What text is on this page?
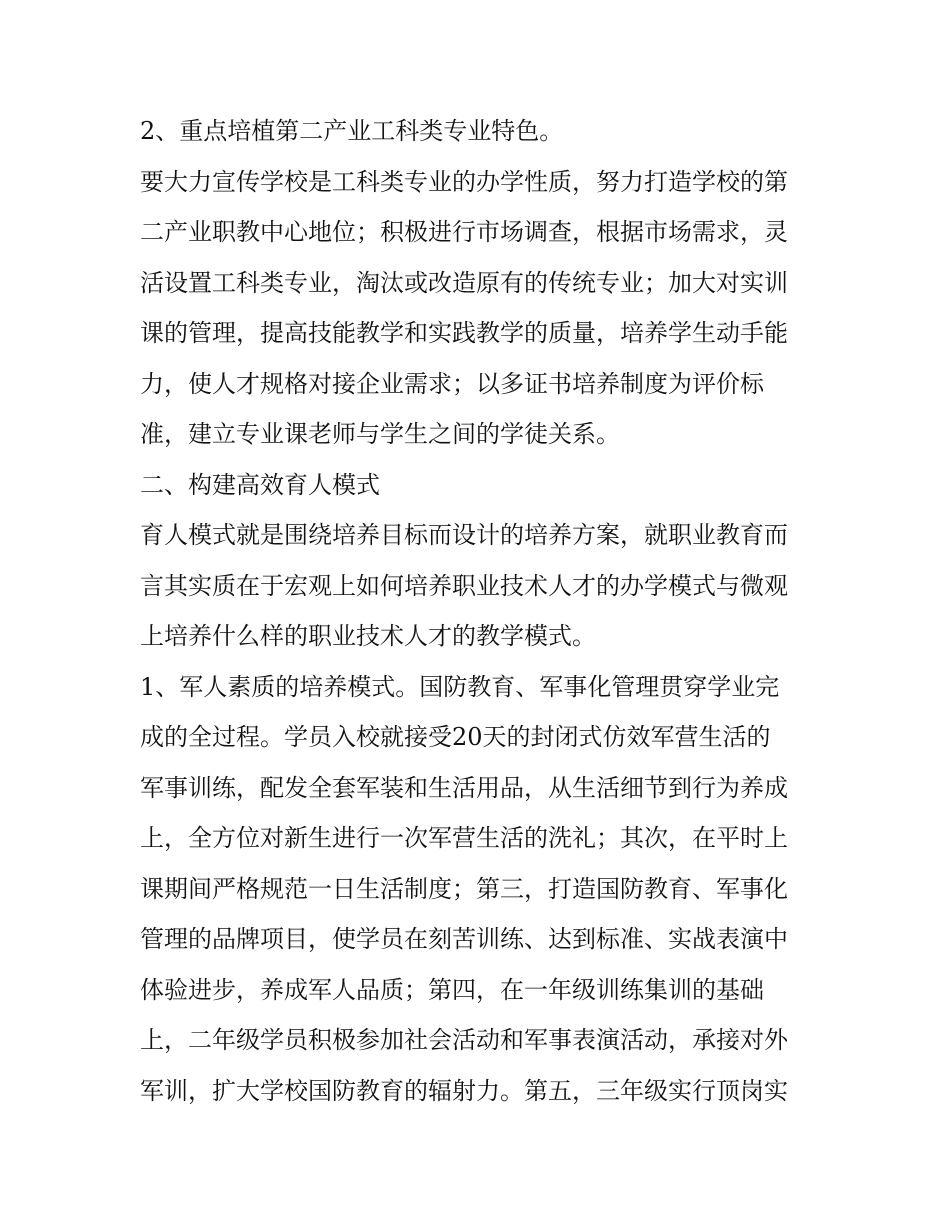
2、重点培植第二产业工科类专业特色。
要大力宣传学校是工科类专业的办学性质，努力打造学校的第
二产业职教中心地位；积极进行市场调查，根据市场需求，灵
活设置工科类专业，淘汰或改造原有的传统专业；加大对实训
课的管理，提高技能教学和实践教学的质量，培养学生动手能
力，使人才规格对接企业需求；以多证书培养制度为评价标
准，建立专业课老师与学生之间的学徒关系。
二、构建高效育人模式
育人模式就是围绕培养目标而设计的培养方案，就职业教育而
言其实质在于宏观上如何培养职业技术人才的办学模式与微观
上培养什么样的职业技术人才的教学模式。
1、军人素质的培养模式。国防教育、军事化管理贯穿学业完
成的全过程。学员入校就接受20天的封闭式仿效军营生活的
军事训练，配发全套军装和生活用品，从生活细节到行为养成
上，全方位对新生进行一次军营生活的洗礼；其次，在平时上
课期间严格规范一日生活制度；第三，打造国防教育、军事化
管理的品牌项目，使学员在刻苦训练、达到标准、实战表演中
体验进步，养成军人品质；第四，在一年级训练集训的基础
上，二年级学员积极参加社会活动和军事表演活动，承接对外
军训，扩大学校国防教育的辐射力。第五，三年级实行顶岗实
